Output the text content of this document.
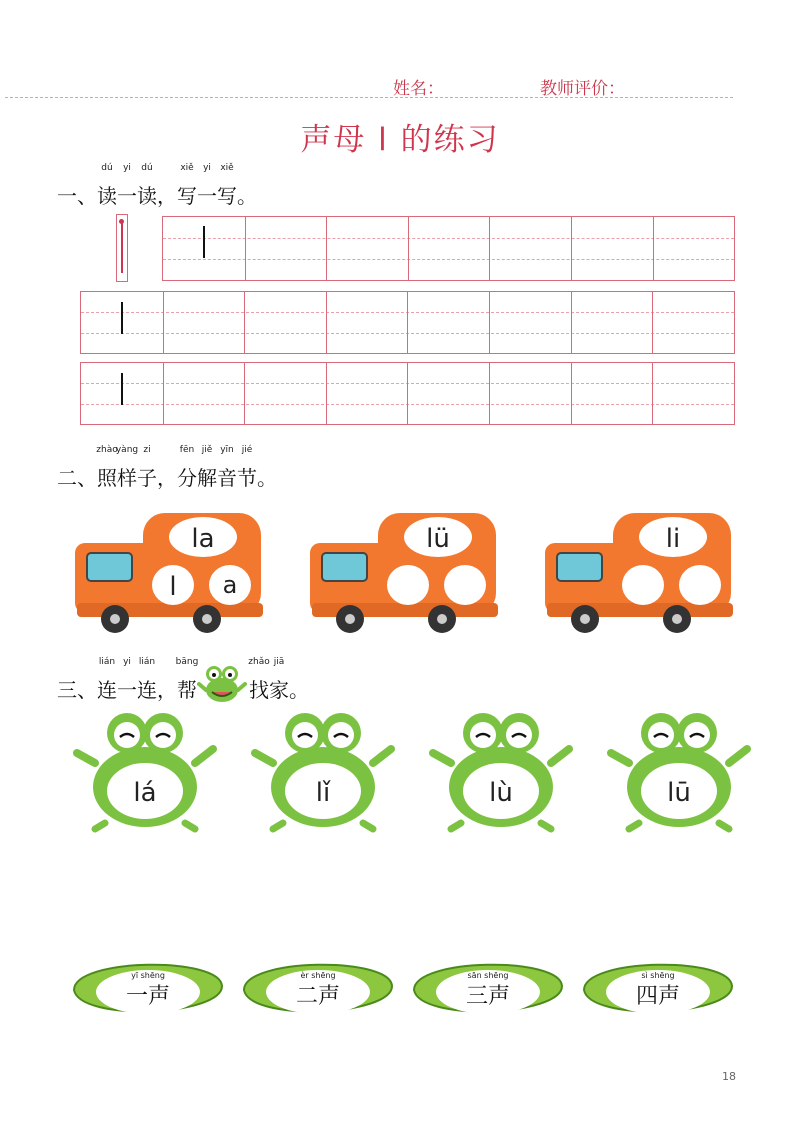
姓名：	教师评价：
声母 l 的练习
一、读
dú
一
yi
读
dú
，写
xiě
一
yi
写
xiě
。
二、照
zhào
样
yàng
子
zi
，分
fēn
解
jiě
音
yīn
节
jié
。
la
l a
lü	li
三、连
lián
一
yi
连
lián
，帮
bāng
找
zhǎo
家
jiā
。
lá	lǐ	lù	lū
yī shēng
一声
èr shēng
二声
sān shēng
三声
sì shēng
四声
18
